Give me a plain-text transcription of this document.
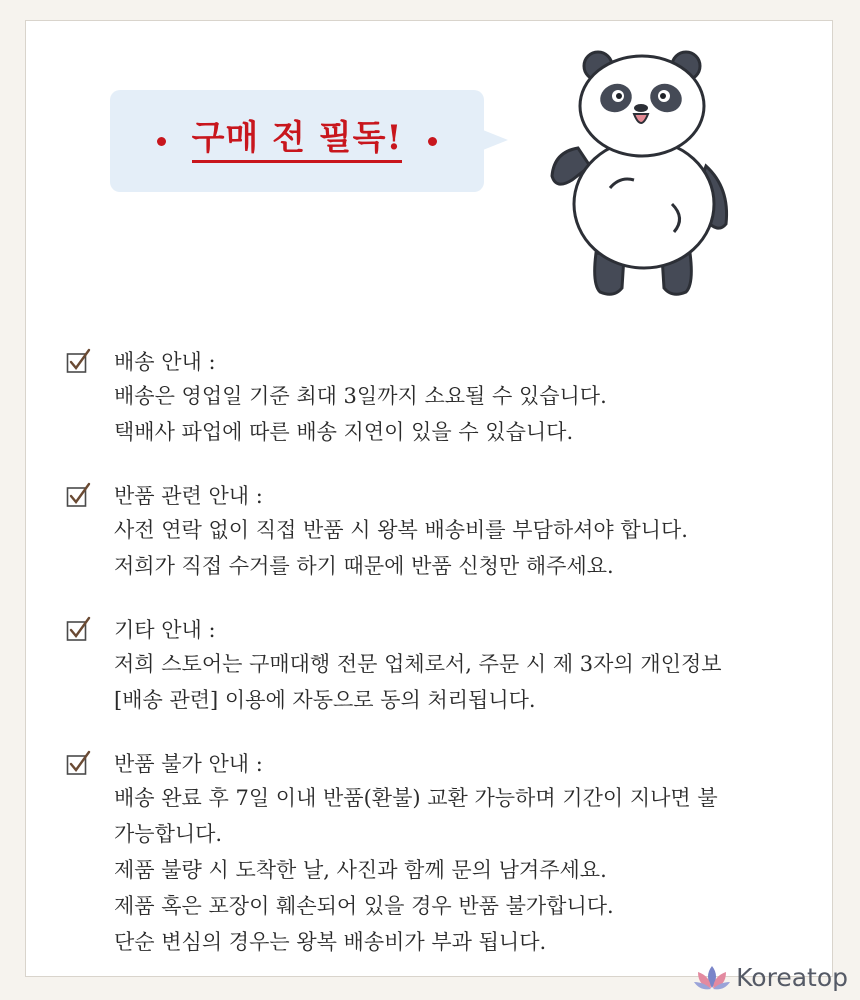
구매 전 필독!
배송 안내 :
배송은 영업일 기준 최대 3일까지 소요될 수 있습니다.
택배사 파업에 따른 배송 지연이 있을 수 있습니다.
반품 관련 안내 :
사전 연락 없이 직접 반품 시 왕복 배송비를 부담하셔야 합니다.
저희가 직접 수거를 하기 때문에 반품 신청만 해주세요.
기타 안내 :
저희 스토어는 구매대행 전문 업체로서, 주문 시 제 3자의 개인정보
[배송 관련] 이용에 자동으로 동의 처리됩니다.
반품 불가 안내 :
배송 완료 후 7일 이내 반품(환불) 교환 가능하며 기간이 지나면 불
가능합니다.
제품 불량 시 도착한 날, 사진과 함께 문의 남겨주세요.
제품 혹은 포장이 훼손되어 있을 경우 반품 불가합니다.
단순 변심의 경우는 왕복 배송비가 부과 됩니다.
Koreatop
